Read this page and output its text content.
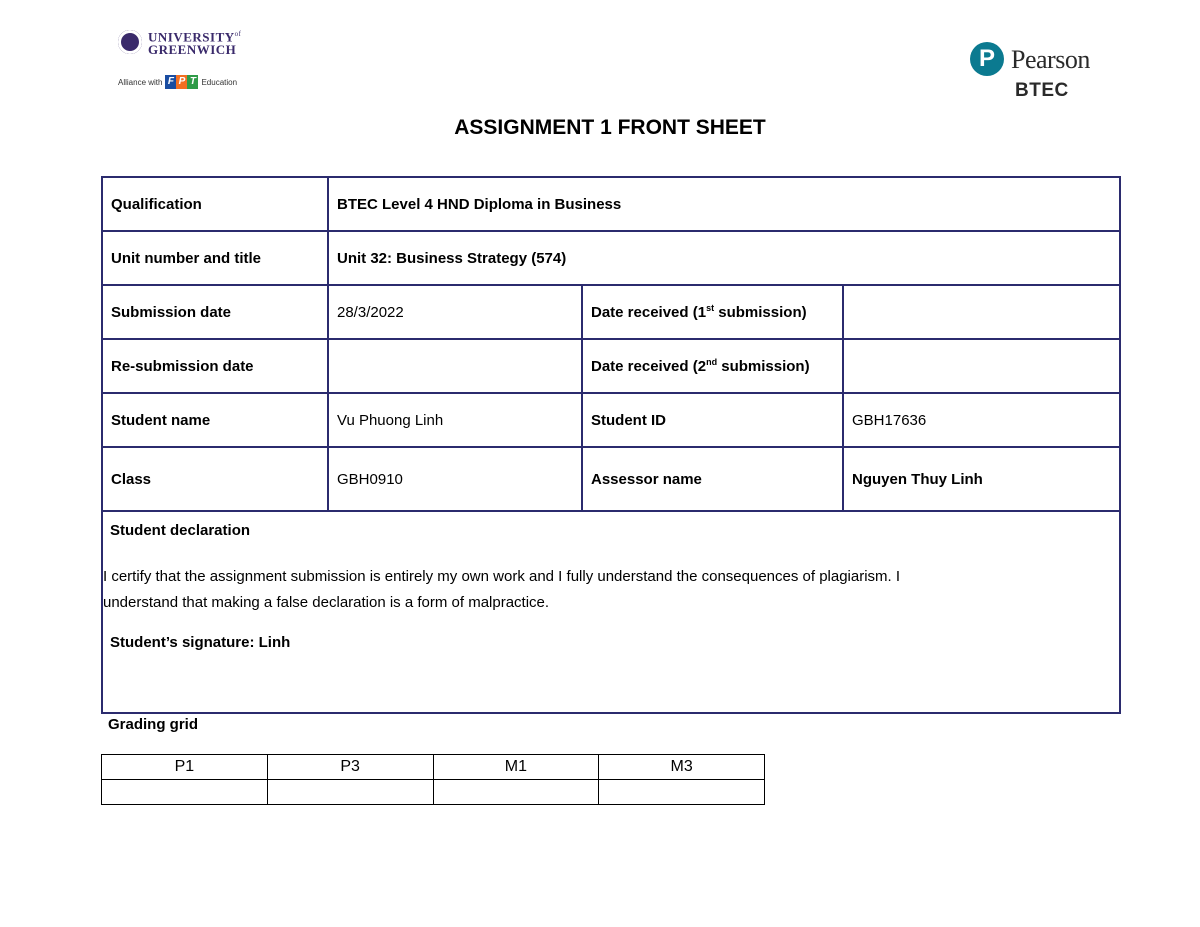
$UNIVERSITY^{of}$
GREENWICH
Alliance with F P T Education
P Pearson
BTEC
ASSIGNMENT 1 FRONT SHEET
Qualification	BTEC Level 4 HND Diploma in Business		
Unit number and title	Unit 32: Business Strategy (574)		
Submission date	28/3/2022	Date received (1st submission)	
Re-submission date		Date received (2nd submission)	
Student name	Vu Phuong Linh	Student ID	GBH17636
Class	GBH0910	Assessor name	Nguyen Thuy Linh

Student declaration
I certify that the assignment submission is entirely my own work and I fully understand the consequences of plagiarism. I
understand that making a false declaration is a form of malpractice.
Student’s signature: Linh			
Grading grid
P1	P3	M1	M3
